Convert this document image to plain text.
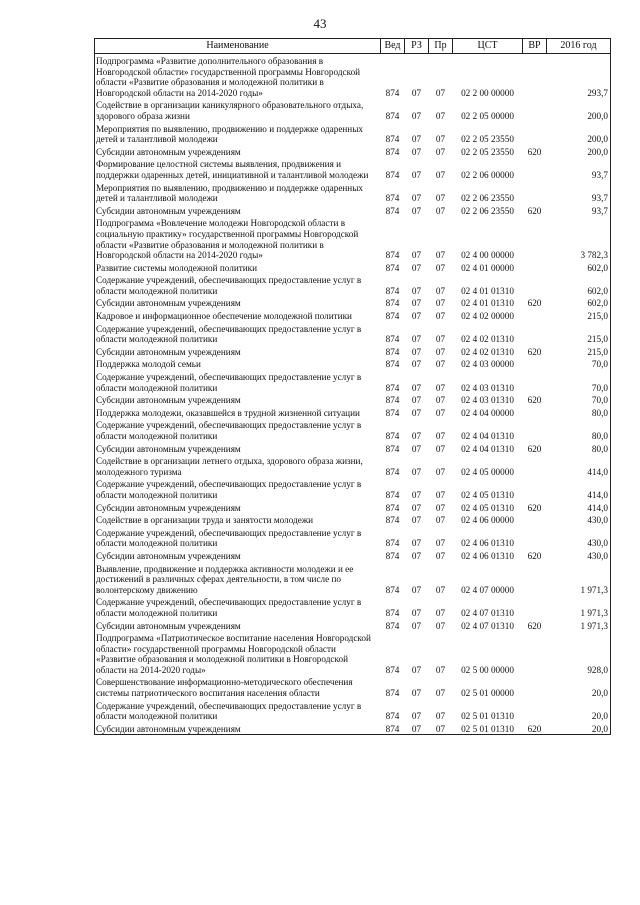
43
Наименование	Вед	РЗ	Пр	ЦСТ	ВР	2016 год
Подпрограмма «Развитие дополнительного образования в Новгородской области» государственной программы Новгородской области «Развитие образования и молодежной политики в Новгородской области на 2014-2020 годы»	874	07	07	02 2 00 00000		293,7
Содействие в организации каникулярного образовательного отдыха, здорового образа жизни	874	07	07	02 2 05 00000		200,0
Мероприятия по выявлению, продвижению и поддержке одаренных детей и талантливой молодежи	874	07	07	02 2 05 23550		200,0
Субсидии автономным учреждениям	874	07	07	02 2 05 23550	620	200,0
Формирование целостной системы выявления, продвижения и поддержки одаренных детей, инициативной и талантливой молодежи	874	07	07	02 2 06 00000		93,7
Мероприятия по выявлению, продвижению и поддержке одаренных детей и талантливой молодежи	874	07	07	02 2 06 23550		93,7
Субсидии автономным учреждениям	874	07	07	02 2 06 23550	620	93,7
Подпрограмма «Вовлечение молодежи Новгородской области в социальную практику» государственной программы Новгородской области «Развитие образования и молодежной политики в Новгородской области на 2014-2020 годы»	874	07	07	02 4 00 00000		3 782,3
Развитие системы молодежной политики	874	07	07	02 4 01 00000		602,0
Содержание учреждений, обеспечивающих предоставление услуг в области молодежной политики	874	07	07	02 4 01 01310		602,0
Субсидии автономным учреждениям	874	07	07	02 4 01 01310	620	602,0
Кадровое и информационное обеспечение молодежной политики	874	07	07	02 4 02 00000		215,0
Содержание учреждений, обеспечивающих предоставление услуг в области молодежной политики	874	07	07	02 4 02 01310		215,0
Субсидии автономным учреждениям	874	07	07	02 4 02 01310	620	215,0
Поддержка молодой семьи	874	07	07	02 4 03 00000		70,0
Содержание учреждений, обеспечивающих предоставление услуг в области молодежной политики	874	07	07	02 4 03 01310		70,0
Субсидии автономным учреждениям	874	07	07	02 4 03 01310	620	70,0
Поддержка молодежи, оказавшейся в трудной жизненной ситуации	874	07	07	02 4 04 00000		80,0
Содержание учреждений, обеспечивающих предоставление услуг в области молодежной политики	874	07	07	02 4 04 01310		80,0
Субсидии автономным учреждениям	874	07	07	02 4 04 01310	620	80,0
Содействие в организации летнего отдыха, здорового образа жизни, молодежного туризма	874	07	07	02 4 05 00000		414,0
Содержание учреждений, обеспечивающих предоставление услуг в области молодежной политики	874	07	07	02 4 05 01310		414,0
Субсидии автономным учреждениям	874	07	07	02 4 05 01310	620	414,0
Содействие в организации труда и занятости молодежи	874	07	07	02 4 06 00000		430,0
Содержание учреждений, обеспечивающих предоставление услуг в области молодежной политики	874	07	07	02 4 06 01310		430,0
Субсидии автономным учреждениям	874	07	07	02 4 06 01310	620	430,0
Выявление, продвижение и поддержка активности молодежи и ее достижений в различных сферах деятельности, в том числе по волонтерскому движению	874	07	07	02 4 07 00000		1 971,3
Содержание учреждений, обеспечивающих предоставление услуг в области молодежной политики	874	07	07	02 4 07 01310		1 971,3
Субсидии автономным учреждениям	874	07	07	02 4 07 01310	620	1 971,3
Подпрограмма «Патриотическое воспитание населения Новгородской области» государственной программы Новгородской области «Развитие образования и молодежной политики в Новгородской области на 2014-2020 годы»	874	07	07	02 5 00 00000		928,0
Совершенствование информационно-методического обеспечения системы патриотического воспитания населения области	874	07	07	02 5 01 00000		20,0
Содержание учреждений, обеспечивающих предоставление услуг в области молодежной политики	874	07	07	02 5 01 01310		20,0
Субсидии автономным учреждениям	874	07	07	02 5 01 01310	620	20,0
